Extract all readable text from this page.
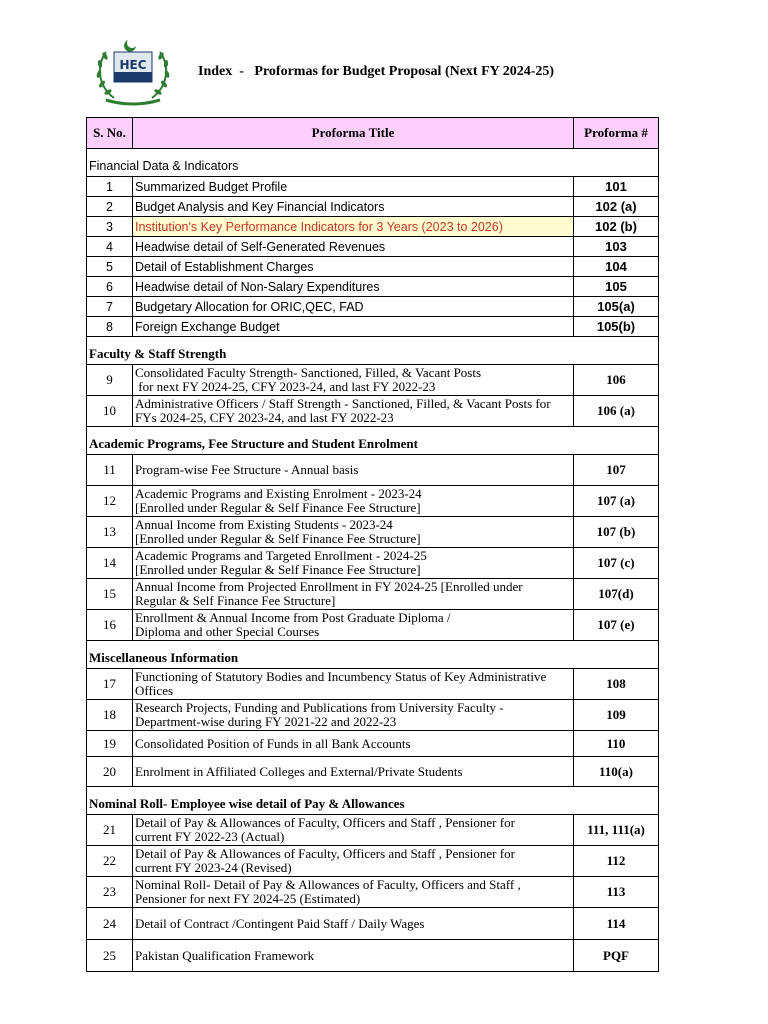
HEC	Index  -   Proformas for Budget Proposal (Next FY 2024-25)
S. No.	Proforma Title	Proforma #

Financial Data & Indicators		
1	Summarized Budget Profile	101
2	Budget Analysis and Key Financial Indicators	102 (a)
3	Institution's Key Performance Indicators for 3 Years (2023 to 2026)	102 (b)
4	Headwise detail of Self-Generated Revenues	103
5	Detail of Establishment Charges	104
6	Headwise detail of Non-Salary Expenditures	105
7	Budgetary Allocation for ORIC,QEC, FAD	105(a)
8	Foreign Exchange Budget	105(b)

Faculty & Staff Strength		
9	Consolidated Faculty Strength- Sanctioned, Filled, & Vacant Posts
for next FY 2024-25, CFY 2023-24, and last FY 2022-23	106
10	Administrative Officers / Staff Strength - Sanctioned, Filled, & Vacant Posts for
FYs 2024-25, CFY 2023-24, and last FY 2022-23	106 (a)

Academic Programs, Fee Structure and Student Enrolment		
11	Program-wise Fee Structure - Annual basis	107
12	Academic Programs and Existing Enrolment - 2023-24
[Enrolled under Regular & Self Finance Fee Structure]	107 (a)
13	Annual Income from Existing Students - 2023-24
[Enrolled under Regular & Self Finance Fee Structure]	107 (b)
14	Academic Programs and Targeted Enrollment - 2024-25
[Enrolled under Regular & Self Finance Fee Structure]	107 (c)
15	Annual Income from Projected Enrollment in FY 2024-25 [Enrolled under
Regular & Self Finance Fee Structure]	107(d)
16	Enrollment & Annual Income from Post Graduate Diploma /
Diploma and other Special Courses	107 (e)

Miscellaneous Information		
17	Functioning of Statutory Bodies and Incumbency Status of Key Administrative
Offices	108
18	Research Projects, Funding and Publications from University Faculty -
Department-wise during FY 2021-22 and 2022-23	109
19	Consolidated Position of Funds in all Bank Accounts	110
20	Enrolment in Affiliated Colleges and External/Private Students	110(a)

Nominal Roll- Employee wise detail of Pay & Allowances		
21	Detail of Pay & Allowances of Faculty, Officers and Staff , Pensioner for
current FY 2022-23 (Actual)	111, 111(a)
22	Detail of Pay & Allowances of Faculty, Officers and Staff , Pensioner for
current FY 2023-24 (Revised)	112
23	Nominal Roll- Detail of Pay & Allowances of Faculty, Officers and Staff ,
Pensioner for next FY 2024-25 (Estimated)	113
24	Detail of Contract /Contingent Paid Staff / Daily Wages	114
25	Pakistan Qualification Framework	PQF
